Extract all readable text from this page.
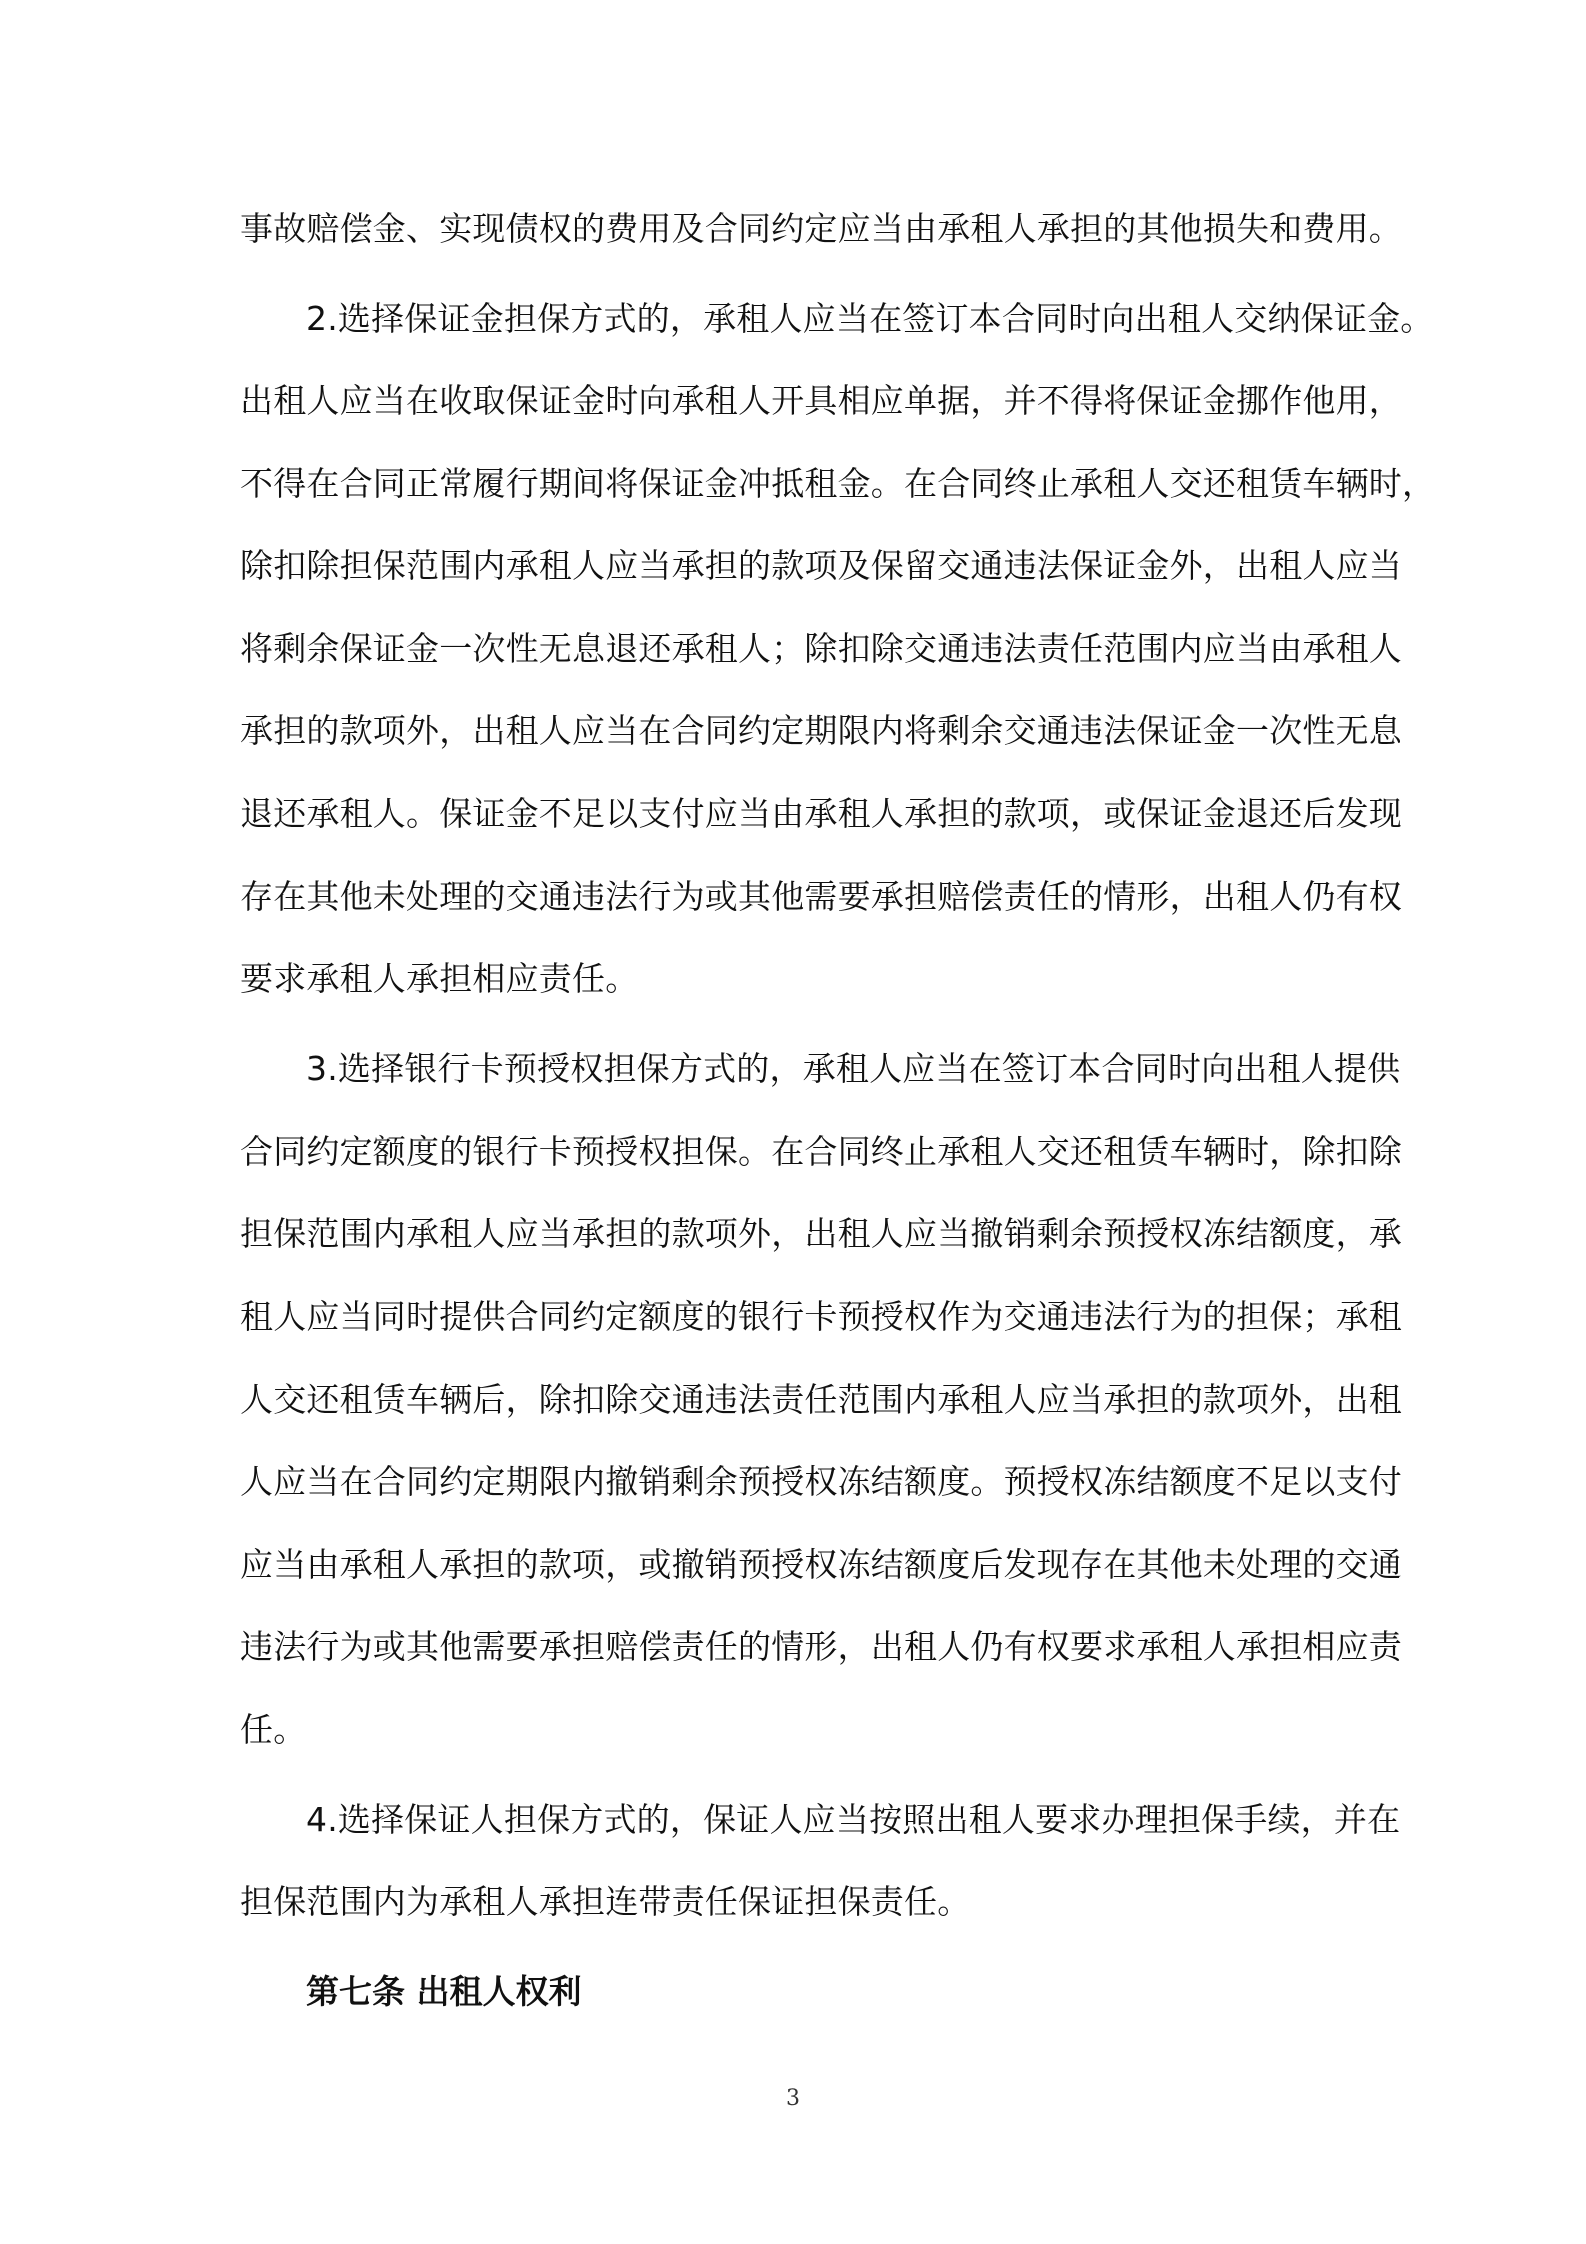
事故赔偿金、实现债权的费用及合同约定应当由承租人承担的其他损失和费用。
2.选择保证金担保方式的，承租人应当在签订本合同时向出租人交纳保证金。
出租人应当在收取保证金时向承租人开具相应单据，并不得将保证金挪作他用，
不得在合同正常履行期间将保证金冲抵租金。在合同终止承租人交还租赁车辆时，
除扣除担保范围内承租人应当承担的款项及保留交通违法保证金外，出租人应当
将剩余保证金一次性无息退还承租人；除扣除交通违法责任范围内应当由承租人
承担的款项外，出租人应当在合同约定期限内将剩余交通违法保证金一次性无息
退还承租人。保证金不足以支付应当由承租人承担的款项，或保证金退还后发现
存在其他未处理的交通违法行为或其他需要承担赔偿责任的情形，出租人仍有权
要求承租人承担相应责任。
3.选择银行卡预授权担保方式的，承租人应当在签订本合同时向出租人提供
合同约定额度的银行卡预授权担保。在合同终止承租人交还租赁车辆时，除扣除
担保范围内承租人应当承担的款项外，出租人应当撤销剩余预授权冻结额度，承
租人应当同时提供合同约定额度的银行卡预授权作为交通违法行为的担保；承租
人交还租赁车辆后，除扣除交通违法责任范围内承租人应当承担的款项外，出租
人应当在合同约定期限内撤销剩余预授权冻结额度。预授权冻结额度不足以支付
应当由承租人承担的款项，或撤销预授权冻结额度后发现存在其他未处理的交通
违法行为或其他需要承担赔偿责任的情形，出租人仍有权要求承租人承担相应责
任。
4.选择保证人担保方式的，保证人应当按照出租人要求办理担保手续，并在
担保范围内为承租人承担连带责任保证担保责任。
第七条 出租人权利
3
